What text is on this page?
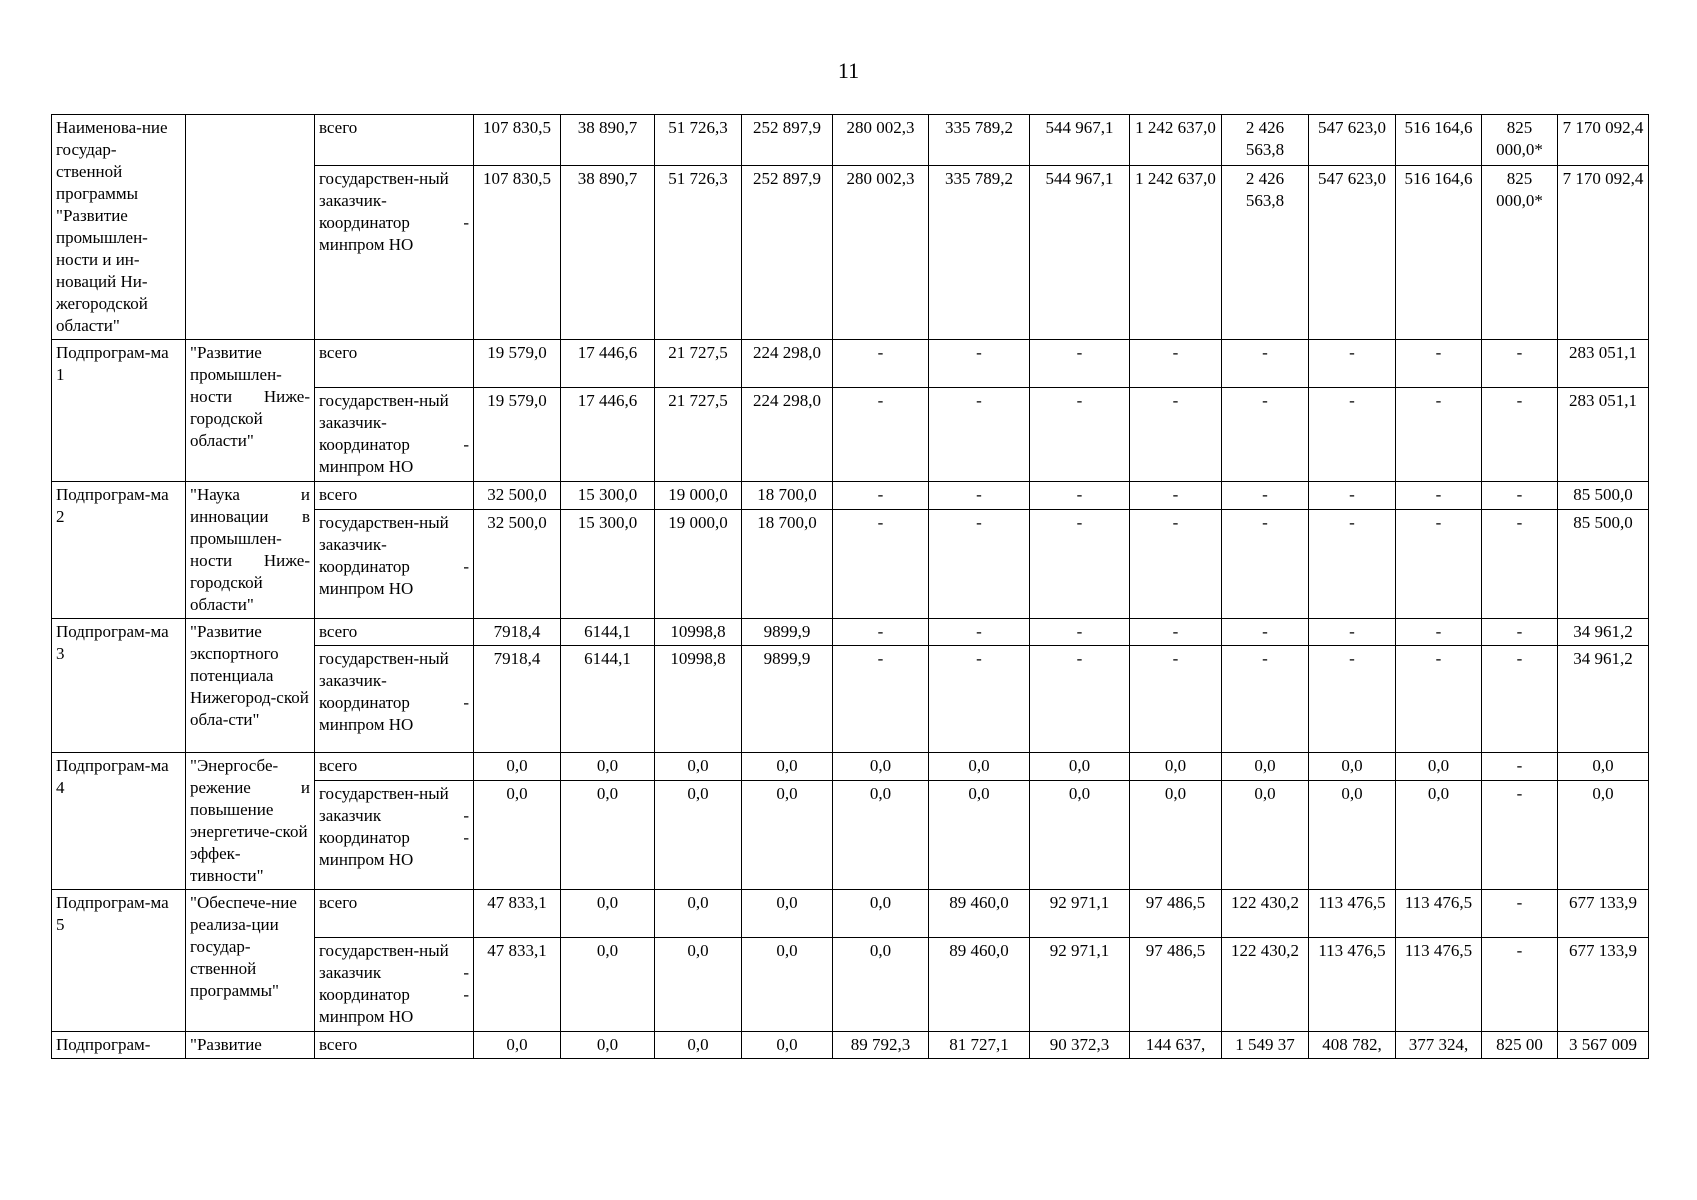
11
Наименова-ние государ-ственной программы "Развитие промышлен-ности и ин-новаций Ни-жегородской области"		всего	107 830,5	38 890,7	51 726,3	252 897,9	280 002,3	335 789,2	544 967,1	1 242 637,0	2 426 563,8	547 623,0	516 164,6	825 000,0*	7 170 092,4
		государствен-ный заказчик-координатор - минпром НО	107 830,5	38 890,7	51 726,3	252 897,9	280 002,3	335 789,2	544 967,1	1 242 637,0	2 426 563,8	547 623,0	516 164,6	825 000,0*	7 170 092,4
Подпрограм-ма 1	"Развитие промышлен-ности Ниже-городской области"	всего	19 579,0	17 446,6	21 727,5	224 298,0	-	-	-	-	-	-	-	-	283 051,1
		государствен-ный заказчик-координатор - минпром НО	19 579,0	17 446,6	21 727,5	224 298,0	-	-	-	-	-	-	-	-	283 051,1
Подпрограм-ма 2	"Наука и инновации в промышлен-ности Ниже-городской области"	всего	32 500,0	15 300,0	19 000,0	18 700,0	-	-	-	-	-	-	-	-	85 500,0
		государствен-ный заказчик-координатор - минпром НО	32 500,0	15 300,0	19 000,0	18 700,0	-	-	-	-	-	-	-	-	85 500,0
Подпрограм-ма 3	"Развитие экспортного потенциала Нижегород-ской обла-сти"	всего	7918,4	6144,1	10998,8	9899,9	-	-	-	-	-	-	-	-	34 961,2
		государствен-ный заказчик-координатор - минпром НО	7918,4	6144,1	10998,8	9899,9	-	-	-	-	-	-	-	-	34 961,2
Подпрограм-ма 4	"Энергосбе-режение и повышение энергетиче-ской эффек-тивности"	всего	0,0	0,0	0,0	0,0	0,0	0,0	0,0	0,0	0,0	0,0	0,0	-	0,0
		государствен-ный заказчик - координатор - минпром НО	0,0	0,0	0,0	0,0	0,0	0,0	0,0	0,0	0,0	0,0	0,0	-	0,0
Подпрограм-ма 5	"Обеспече-ние реализа-ции государ-ственной программы"	всего	47 833,1	0,0	0,0	0,0	0,0	89 460,0	92 971,1	97 486,5	122 430,2	113 476,5	113 476,5	-	677 133,9
		государствен-ный заказчик - координатор - минпром НО	47 833,1	0,0	0,0	0,0	0,0	89 460,0	92 971,1	97 486,5	122 430,2	113 476,5	113 476,5	-	677 133,9
Подпрограм-	"Развитие	всего	0,0	0,0	0,0	0,0	89 792,3	81 727,1	90 372,3	144 637,	1 549 37	408 782,	377 324,	825 00	3 567 009
